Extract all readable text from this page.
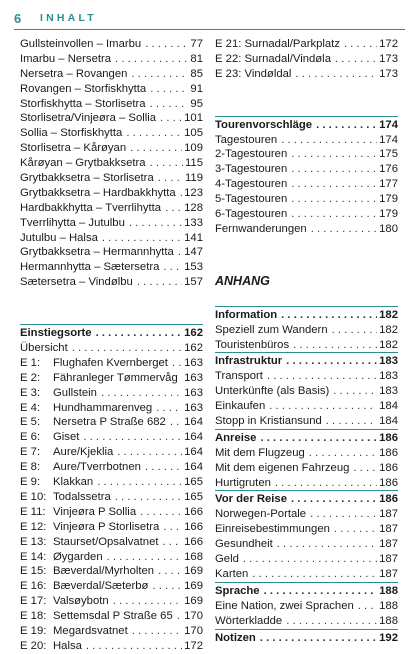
6	INHALT
Gullsteinvollen – Imarbu . . .	77
Imarbu – Nersetra . . .	81
Nersetra – Rovangen . . .	85
Rovangen – Storfiskhytta . . .	91
Storfiskhytta – Storlisetra . . .	95
Storlisetra/Vinjeøra – Sollia . . .	101
Sollia – Storfiskhytta . . .	105
Storlisetra – Kårøyan . . .	109
Kårøyan – Grytbakksetra . . .	115
Grytbakksetra – Storlisetra . . .	119
Grytbakksetra – Hardbakkhytta . . . 123
Hardbakkhytta – Tverrlihytta . . .	128
Tverrlihytta – Jutulbu . . .	133
Jutulbu – Halsa . . .	141
Grytbakksetra – Hermannhytta . . . 147
Hermannhytta – Sætersetra . . .	153
Sætersetra – Vindølbu . . .	157
Einstiegsorte . . .	162
Übersicht . . .	162
E 1:	Flughafen Kvernberget . . .	163
E 2:	Fähranleger Tømmervåg . . . 163
E 3:	Gullstein . . .	163
E 4:	Hundhammarenveg . . .	163
E 5:	Nersetra P Straße 682 . . .	164
E 6:	Giset . . .	164
E 7:	Aure/Kjeklia . . .	164
E 8:	Aure/Tverrbotnen . . .	164
E 9:	Klakkan . . .	165
E 10: Todalssetra . . .	165
E 11: Vinjeøra P Sollia . . .	166
E 12: Vinjeøra P Storlisetra . . .	166
E 13: Staurset/Opsalvatnet . . .	166
E 14: Øygarden . . .	168
E 15: Bæverdal/Myrholten . . .	169
E 16: Bæverdal/Sæterbø . . .	169
E 17: Valsøybotn . . .	169
E 18: Settemsdal P Straße 65 . . .	170
E 19: Megardsvatnet . . .	170
E 20: Halsa . . .	172
E 21: Surnadal/Parkplatz . . .	172
E 22: Surnadal/Vindøla . . .	173
E 23: Vindøldal . . .	173
Tourenvorschläge . . .	174
Tagestouren . . .	174
2-Tagestouren . . .	175
3-Tagestouren . . .	176
4-Tagestouren . . .	177
5-Tagestouren . . .	179
6-Tagestouren . . .	179
Fernwanderungen . . .	180
ANHANG
Information . . .	182
Speziell zum Wandern . . .	182
Touristenbüros . . .	182
Infrastruktur . . .	183
Transport . . .	183
Unterkünfte (als Basis) . . .	183
Einkaufen . . .	184
Stopp in Kristiansund . . .	184
Anreise . . .	186
Mit dem Flugzeug . . .	186
Mit dem eigenen Fahrzeug . . .	186
Hurtigruten . . .	186
Vor der Reise . . .	186
Norwegen-Portale . . .	187
Einreisebestimmungen . . .	187
Gesundheit . . .	187
Geld . . .	187
Karten . . .	187
Sprache . . .	188
Eine Nation, zwei Sprachen . . .	188
Wörterkladde . . .	188
Notizen . . .	192
